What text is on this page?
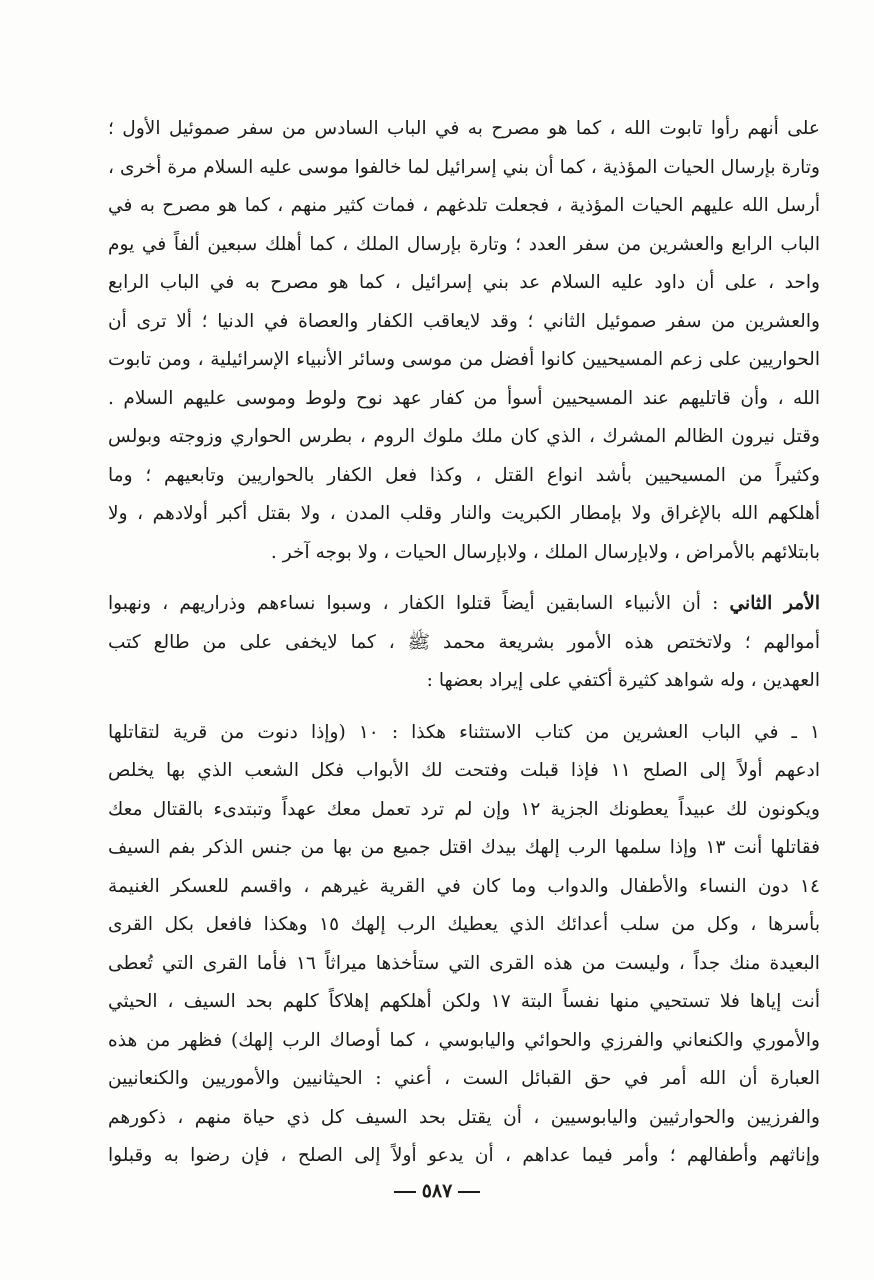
على أنهم رأوا تابوت الله ، كما هو مصرح به في الباب السادس من سفر صموئيل الأول ؛
وتارة بإرسال الحيات المؤذية ، كما أن بني إسرائيل لما خالفوا موسى عليه السلام مرة أخرى ،
أرسل الله عليهم الحيات المؤذية ، فجعلت تلدغهم ، فمات كثير منهم ، كما هو مصرح به في
الباب الرابع والعشرين من سفر العدد ؛ وتارة بإرسال الملك ، كما أهلك سبعين ألفاً في يوم
واحد ، على أن داود عليه السلام عد بني إسرائيل ، كما هو مصرح به في الباب الرابع
والعشرين من سفر صموئيل الثاني ؛ وقد لايعاقب الكفار والعصاة في الدنيا ؛ ألا ترى أن
الحواريين على زعم المسيحيين كانوا أفضل من موسى وسائر الأنبياء الإسرائيلية ، ومن تابوت
الله ، وأن قاتليهم عند المسيحيين أسوأ من كفار عهد نوح ولوط وموسى عليهم السلام .
وقتل نيرون الظالم المشرك ، الذي كان ملك ملوك الروم ، بطرس الحواري وزوجته وبولس
وكثيراً من المسيحيين بأشد انواع القتل ، وكذا فعل الكفار بالحواريين وتابعيهم ؛ وما
أهلكهم الله بالإغراق ولا بإمطار الكبريت والنار وقلب المدن ، ولا بقتل أكبر أولادهم ، ولا
بابتلائهم بالأمراض ، ولابإرسال الملك ، ولابإرسال الحيات ، ولا بوجه آخر .
الأمر الثاني : أن الأنبياء السابقين أيضاً قتلوا الكفار ، وسبوا نساءهم وذراريهم ، ونهبوا
أموالهم ؛ ولاتختص هذه الأمور بشريعة محمد ﷺ ، كما لايخفى على من طالع كتب
العهدين ، وله شواهد كثيرة أكتفي على إيراد بعضها :
١ ـ في الباب العشرين من كتاب الاستثناء هكذا : ١٠ (وإذا دنوت من قرية لتقاتلها
ادعهم أولاً إلى الصلح ١١ فإذا قبلت وفتحت لك الأبواب فكل الشعب الذي بها يخلص
ويكونون لك عبيداً يعطونك الجزية ١٢ وإن لم ترد تعمل معك عهداً وتبتدىء بالقتال معك
فقاتلها أنت ١٣ وإذا سلمها الرب إلهك بيدك اقتل جميع من بها من جنس الذكر بفم السيف
١٤ دون النساء والأطفال والدواب وما كان في القرية غيرهم ، واقسم للعسكر الغنيمة
بأسرها ، وكل من سلب أعدائك الذي يعطيك الرب إلهك ١٥ وهكذا فافعل بكل القرى
البعيدة منك جداً ، وليست من هذه القرى التي ستأخذها ميراثاً ١٦ فأما القرى التي تُعطى
أنت إياها فلا تستحيي منها نفساً البتة ١٧ ولكن أهلكهم إهلاكاً كلهم بحد السيف ، الحيثي
والأموري والكنعاني والفرزي والحوائي واليابوسي ، كما أوصاك الرب إلهك) فظهر من هذه
العبارة أن الله أمر في حق القبائل الست ، أعني : الحيثانيين والأموريين والكنعانيين
والفرزيين والحوارثيين واليابوسيين ، أن يقتل بحد السيف كل ذي حياة منهم ، ذكورهم
وإناثهم وأطفالهم ؛ وأمر فيما عداهم ، أن يدعو أولاً إلى الصلح ، فإن رضوا به وقبلوا
٥٨٧
